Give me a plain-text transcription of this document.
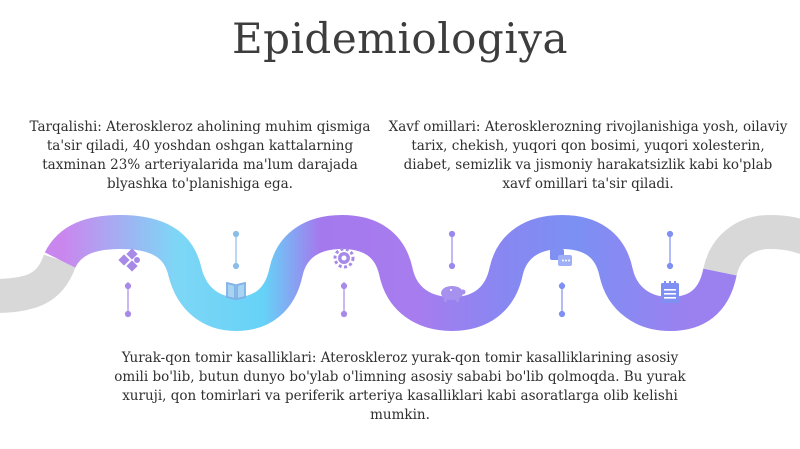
Epidemiologiya
Tarqalishi: Ateroskleroz aholining muhim qismiga ta'sir qiladi, 40 yoshdan oshgan kattalarning taxminan 23% arteriyalarida ma'lum darajada blyashka to'planishiga ega.
Xavf omillari: Aterosklerozning rivojlanishiga yosh, oilaviy tarix, chekish, yuqori qon bosimi, yuqori xolesterin, diabet, semizlik va jismoniy harakatsizlik kabi ko'plab xavf omillari ta'sir qiladi.
Yurak-qon tomir kasalliklari: Ateroskleroz yurak-qon tomir kasalliklarining asosiy omili bo'lib, butun dunyo bo'ylab o'limning asosiy sababi bo'lib qolmoqda. Bu yurak xuruji, qon tomirlari va periferik arteriya kasalliklari kabi asoratlarga olib kelishi mumkin.
